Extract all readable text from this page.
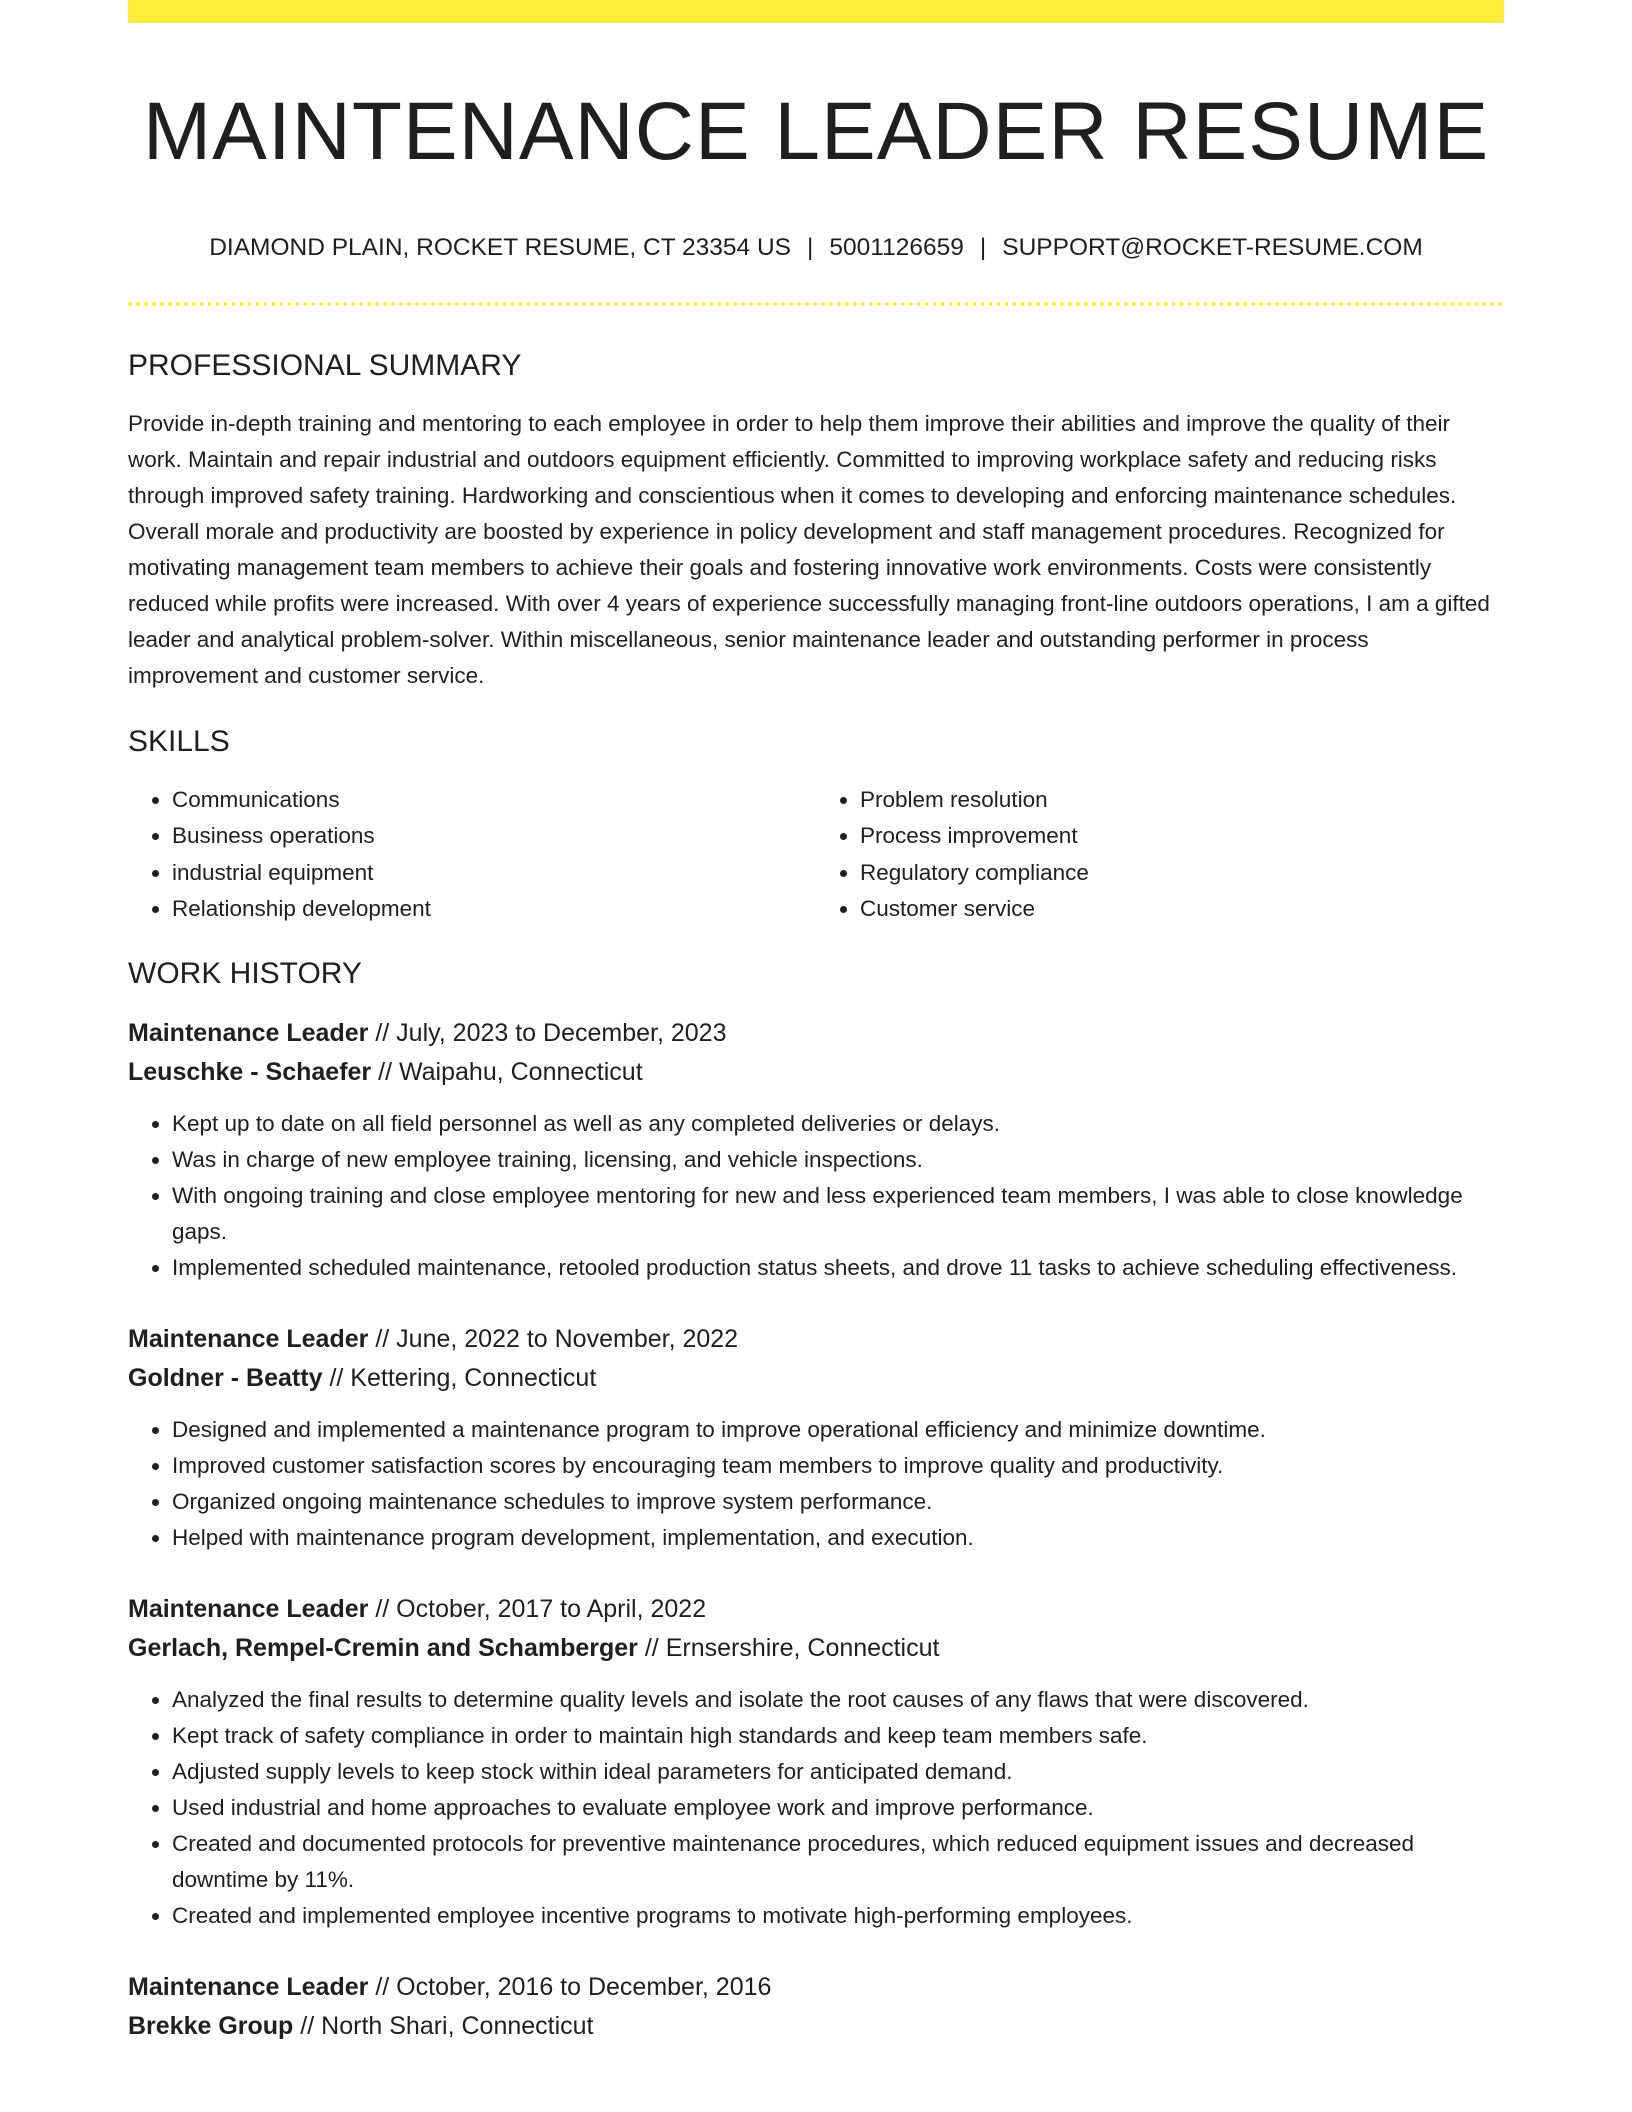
MAINTENANCE LEADER RESUME
DIAMOND PLAIN, ROCKET RESUME, CT 23354 US | 5001126659 | SUPPORT@ROCKET-RESUME.COM
PROFESSIONAL SUMMARY

Provide in-depth training and mentoring to each employee in order to help them improve their abilities and improve the quality of their work. Maintain and repair industrial and outdoors equipment efficiently. Committed to improving workplace safety and reducing risks through improved safety training. Hardworking and conscientious when it comes to developing and enforcing maintenance schedules. Overall morale and productivity are boosted by experience in policy development and staff management procedures. Recognized for motivating management team members to achieve their goals and fostering innovative work environments. Costs were consistently reduced while profits were increased. With over 4 years of experience successfully managing front-line outdoors operations, I am a gifted leader and analytical problem-solver. Within miscellaneous, senior maintenance leader and outstanding performer in process improvement and customer service.

SKILLS
• Communications
• Business operations
• industrial equipment
• Relationship development
• Problem resolution
• Process improvement
• Regulatory compliance
• Customer service
WORK HISTORY
Maintenance Leader // July, 2023 to December, 2023
Leuschke - Schaefer // Waipahu, Connecticut
• Kept up to date on all field personnel as well as any completed deliveries or delays.
• Was in charge of new employee training, licensing, and vehicle inspections.
• With ongoing training and close employee mentoring for new and less experienced team members, I was able to close knowledge gaps.
• Implemented scheduled maintenance, retooled production status sheets, and drove 11 tasks to achieve scheduling effectiveness.
Maintenance Leader // June, 2022 to November, 2022
Goldner - Beatty // Kettering, Connecticut
• Designed and implemented a maintenance program to improve operational efficiency and minimize downtime.
• Improved customer satisfaction scores by encouraging team members to improve quality and productivity.
• Organized ongoing maintenance schedules to improve system performance.
• Helped with maintenance program development, implementation, and execution.
Maintenance Leader // October, 2017 to April, 2022
Gerlach, Rempel-Cremin and Schamberger // Ernsershire, Connecticut
• Analyzed the final results to determine quality levels and isolate the root causes of any flaws that were discovered.
• Kept track of safety compliance in order to maintain high standards and keep team members safe.
• Adjusted supply levels to keep stock within ideal parameters for anticipated demand.
• Used industrial and home approaches to evaluate employee work and improve performance.
• Created and documented protocols for preventive maintenance procedures, which reduced equipment issues and decreased downtime by 11%.
• Created and implemented employee incentive programs to motivate high-performing employees.
Maintenance Leader // October, 2016 to December, 2016
Brekke Group // North Shari, Connecticut
